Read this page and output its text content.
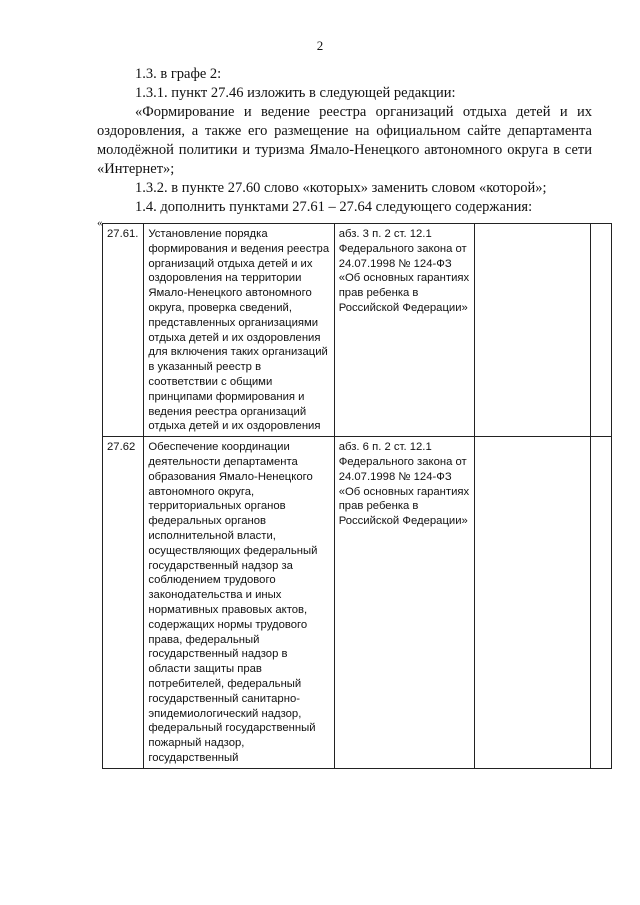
2
1.3. в графе 2:
1.3.1. пункт 27.46 изложить в следующей редакции:
«Формирование и ведение реестра организаций отдыха детей и их оздоровления, а также его размещение на официальном сайте департамента молодёжной политики и туризма Ямало-Ненецкого автономного округа в сети «Интернет»;
1.3.2. в пункте 27.60 слово «которых» заменить словом «которой»;
1.4. дополнить пунктами 27.61 – 27.64 следующего содержания:
«
27.61.	Установление порядка формирования и ведения реестра организаций отдыха детей и их оздоровления на территории Ямало-Ненецкого автономного округа, проверка сведений, представленных организациями отдыха детей и их оздоровления для включения таких организаций в указанный реестр в соответствии с общими принципами формирования и ведения реестра организаций отдыха детей и их оздоровления	абз. 3 п. 2 ст. 12.1 Федерального закона от 24.07.1998 № 124-ФЗ «Об основных гарантиях прав ребенка в Российской Федерации»		
27.62	Обеспечение координации деятельности департамента образования Ямало-Ненецкого автономного округа, территориальных органов федеральных органов исполнительной власти, осуществляющих федеральный государственный надзор за соблюдением трудового законодательства и иных нормативных правовых актов, содержащих нормы трудового права, федеральный государственный надзор в области защиты прав потребителей, федеральный государственный санитарно-эпидемиологический надзор, федеральный государственный пожарный надзор, государственный	абз. 6 п. 2 ст. 12.1 Федерального закона от 24.07.1998 № 124-ФЗ «Об основных гарантиях прав ребенка в Российской Федерации»		
